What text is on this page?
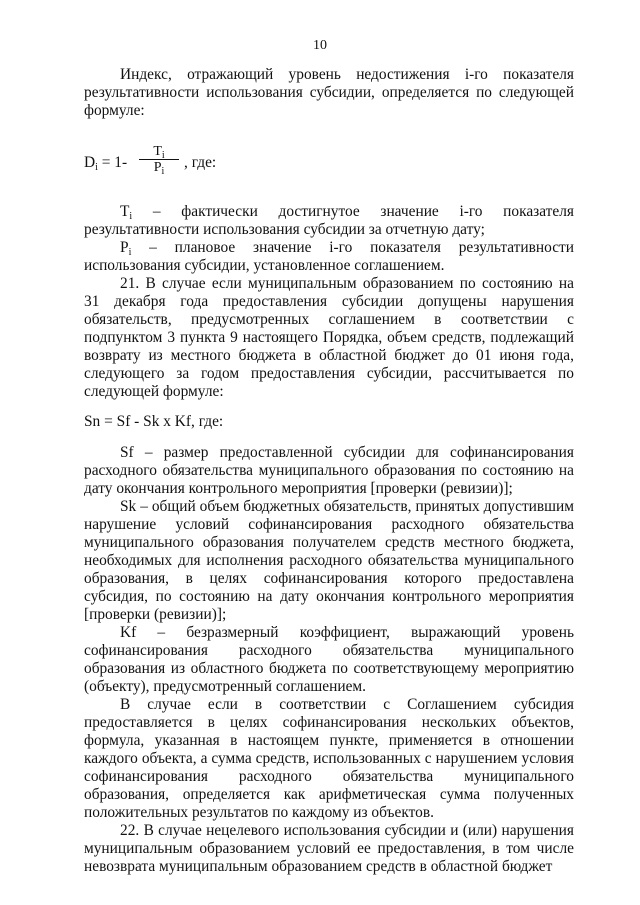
10

Индекс, отражающий уровень недостижения i-го показателя результативности использования субсидии, определяется по следующей формуле:

$D_i = 1- \frac{T_i}{P_i}$ , где:

$T_i$ – фактически достигнутое значение i-го показателя результативности использования субсидии за отчетную дату;

$P_i$ – плановое значение i-го показателя результативности использования субсидии, установленное соглашением.

21. В случае если муниципальным образованием по состоянию на 31 декабря года предоставления субсидии допущены нарушения обязательств, предусмотренных соглашением в соответствии с подпунктом 3 пункта 9 настоящего Порядка, объем средств, подлежащий возврату из местного бюджета в областной бюджет до 01 июня года, следующего за годом предоставления субсидии, рассчитывается по следующей формуле:

Sn = Sf - Sk x Kf, где:

Sf – размер предоставленной субсидии для софинансирования расходного обязательства муниципального образования по состоянию на дату окончания контрольного мероприятия [проверки (ревизии)];

Sk – общий объем бюджетных обязательств, принятых допустившим нарушение условий софинансирования расходного обязательства муниципального образования получателем средств местного бюджета, необходимых для исполнения расходного обязательства муниципального образования, в целях софинансирования которого предоставлена субсидия, по состоянию на дату окончания контрольного мероприятия [проверки (ревизии)];

Kf – безразмерный коэффициент, выражающий уровень софинансирования расходного обязательства муниципального образования из областного бюджета по соответствующему мероприятию (объекту), предусмотренный соглашением.

В случае если в соответствии с Соглашением субсидия предоставляется в целях софинансирования нескольких объектов, формула, указанная в настоящем пункте, применяется в отношении каждого объекта, а сумма средств, использованных с нарушением условия софинансирования расходного обязательства муниципального образования, определяется как арифметическая сумма полученных положительных результатов по каждому из объектов.

22. В случае нецелевого использования субсидии и (или) нарушения муниципальным образованием условий ее предоставления, в том числе невозврата муниципальным образованием средств в областной бюджет
